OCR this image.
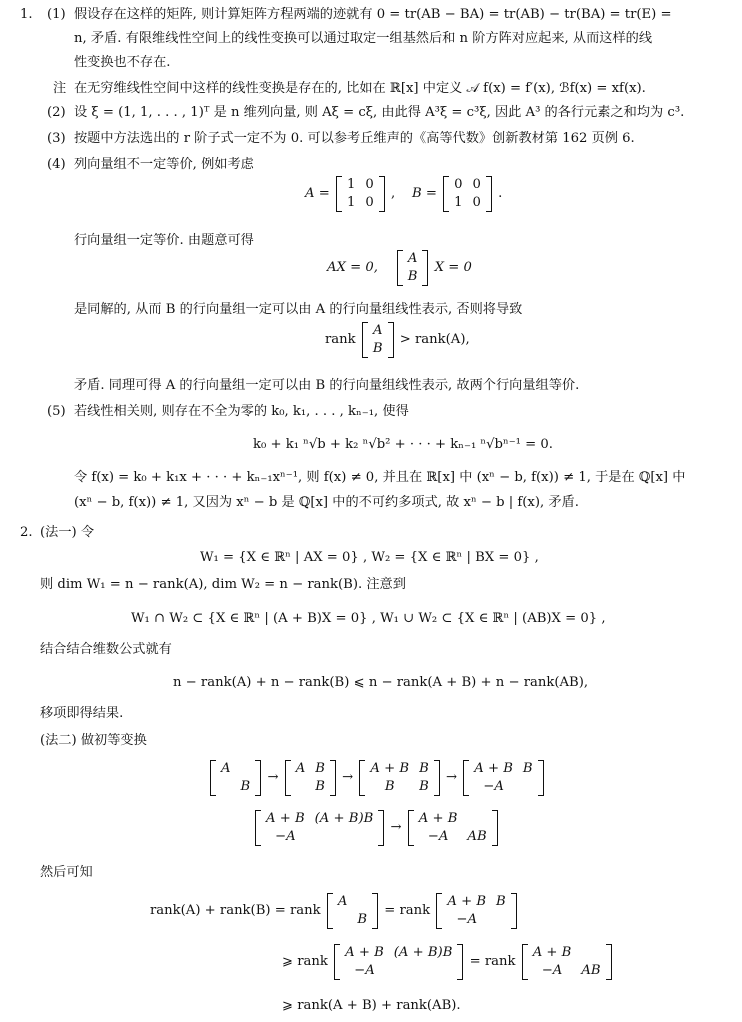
1. (1) 假设存在这样的矩阵, 则计算矩阵方程两端的迹就有 0 = tr(AB − BA) = tr(AB) − tr(BA) = tr(E) =
n, 矛盾. 有限维线性空间上的线性变换可以通过取定一组基然后和 n 阶方阵对应起来, 从而这样的线
性变换也不存在.
注 在无穷维线性空间中这样的线性变换是存在的, 比如在 ℝ[x] 中定义 𝒜 f(x) = f′(x), ℬf(x) = xf(x).
(2) 设 ξ = (1, 1, . . . , 1)ᵀ 是 n 维列向量, 则 Aξ = cξ, 由此得 A³ξ = c³ξ, 因此 A³ 的各行元素之和均为 c³.
(3) 按题中方法选出的 r 阶子式一定不为 0. 可以参考丘维声的《高等代数》创新教材第 162 页例 6.
(4) 列向量组不一定等价, 例如考虑
A =
1	0
1	0
,    B =
0	0
1	0
.
行向量组一定等价. 由题意可得
AX = 0,
A
B
X = 0
是同解的, 从而 B 的行向量组一定可以由 A 的行向量组线性表示, 否则将导致
rank
A
B
> rank(A),
矛盾. 同理可得 A 的行向量组一定可以由 B 的行向量组线性表示, 故两个行向量组等价.
(5) 若线性相关则, 则存在不全为零的 k₀, k₁, . . . , kₙ₋₁, 使得
k₀ + k₁ ⁿ√b + k₂ ⁿ√b² + · · · + kₙ₋₁ ⁿ√bⁿ⁻¹ = 0.
令 f(x) = k₀ + k₁x + · · · + kₙ₋₁xⁿ⁻¹, 则 f(x) ≠ 0, 并且在 ℝ[x] 中 (xⁿ − b, f(x)) ≠ 1, 于是在 ℚ[x] 中
(xⁿ − b, f(x)) ≠ 1, 又因为 xⁿ − b 是 ℚ[x] 中的不可约多项式, 故 xⁿ − b | f(x), 矛盾.
2. (法一) 令
W₁ = {X ∈ ℝⁿ | AX = 0} , W₂ = {X ∈ ℝⁿ | BX = 0} ,
则 dim W₁ = n − rank(A), dim W₂ = n − rank(B). 注意到
W₁ ∩ W₂ ⊂ {X ∈ ℝⁿ | (A + B)X = 0} , W₁ ∪ W₂ ⊂ {X ∈ ℝⁿ | (AB)X = 0} ,
结合结合维数公式就有
n − rank(A) + n − rank(B) ⩽ n − rank(A + B) + n − rank(AB),
移项即得结果.
(法二) 做初等变换
A	
	B
→
A	B
	B
→
A + B	B
B	B
→
A + B	B
−A	
A + B	(A + B)B
−A	
→
A + B	
−A	AB
然后可知
rank(A) + rank(B) = rank
A	
	B
= rank
A + B	B
−A	
⩾ rank
A + B	(A + B)B
−A	
= rank
A + B	
−A	AB
⩾ rank(A + B) + rank(AB).
